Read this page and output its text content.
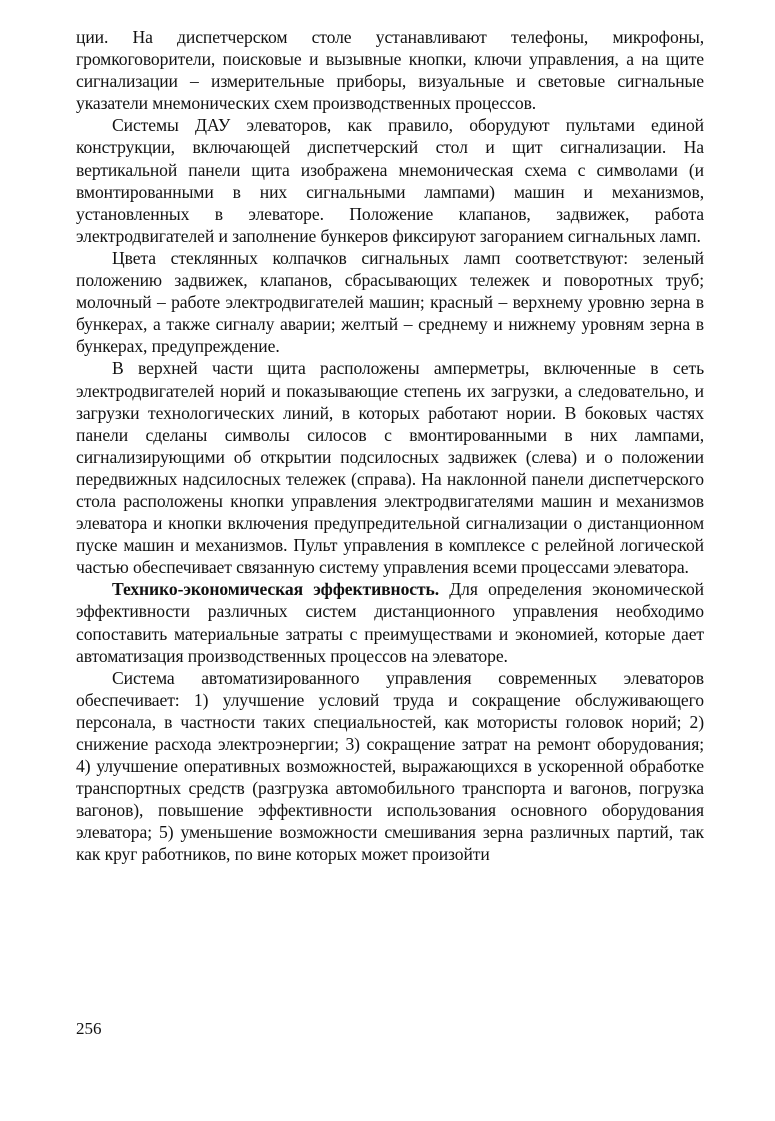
ции. На диспетчерском столе устанавливают телефоны, микрофоны, громкоговорители, поисковые и вызывные кнопки, ключи управления, а на щите сигнализации – измерительные приборы, визуальные и световые сигнальные указатели мнемонических схем производственных процессов.

Системы ДАУ элеваторов, как правило, оборудуют пультами единой конструкции, включающей диспетчерский стол и щит сигнализации. На вертикальной панели щита изображена мнемоническая схема с символами (и вмонтированными в них сигнальными лампами) машин и механизмов, установленных в элеваторе. Положение клапанов, задвижек, работа электродвигателей и заполнение бункеров фиксируют загоранием сигнальных ламп.

Цвета стеклянных колпачков сигнальных ламп соответствуют: зеленый положению задвижек, клапанов, сбрасывающих тележек и поворотных труб; молочный – работе электродвигателей машин; красный – верхнему уровню зерна в бункерах, а также сигналу аварии; желтый – среднему и нижнему уровням зерна в бункерах, предупреждение.

В верхней части щита расположены амперметры, включенные в сеть электродвигателей норий и показывающие степень их загрузки, а следовательно, и загрузки технологических линий, в которых работают нории. В боковых частях панели сделаны символы силосов с вмонтированными в них лампами, сигнализирующими об открытии подсилосных задвижек (слева) и о положении передвижных надсилосных тележек (справа). На наклонной панели диспетчерского стола расположены кнопки управления электродвигателями машин и механизмов элеватора и кнопки включения предупредительной сигнализации о дистанционном пуске машин и механизмов. Пульт управления в комплексе с релейной логической частью обеспечивает связанную систему управления всеми процессами элеватора.

Технико-экономическая эффективность. Для определения экономической эффективности различных систем дистанционного управления необходимо сопоставить материальные затраты с преимуществами и экономией, которые дает автоматизация производственных процессов на элеваторе.

Система автоматизированного управления современных элеваторов обеспечивает: 1) улучшение условий труда и сокращение обслуживающего персонала, в частности таких специальностей, как мотористы головок норий; 2) снижение расхода электроэнергии; 3) сокращение затрат на ремонт оборудования; 4) улучшение оперативных возможностей, выражающихся в ускоренной обработке транспортных средств (разгрузка автомобильного транспорта и вагонов, погрузка вагонов), повышение эффективности использования основного оборудования элеватора; 5) уменьшение возможности смешивания зерна различных партий, так как круг работников, по вине которых может произойти

256
